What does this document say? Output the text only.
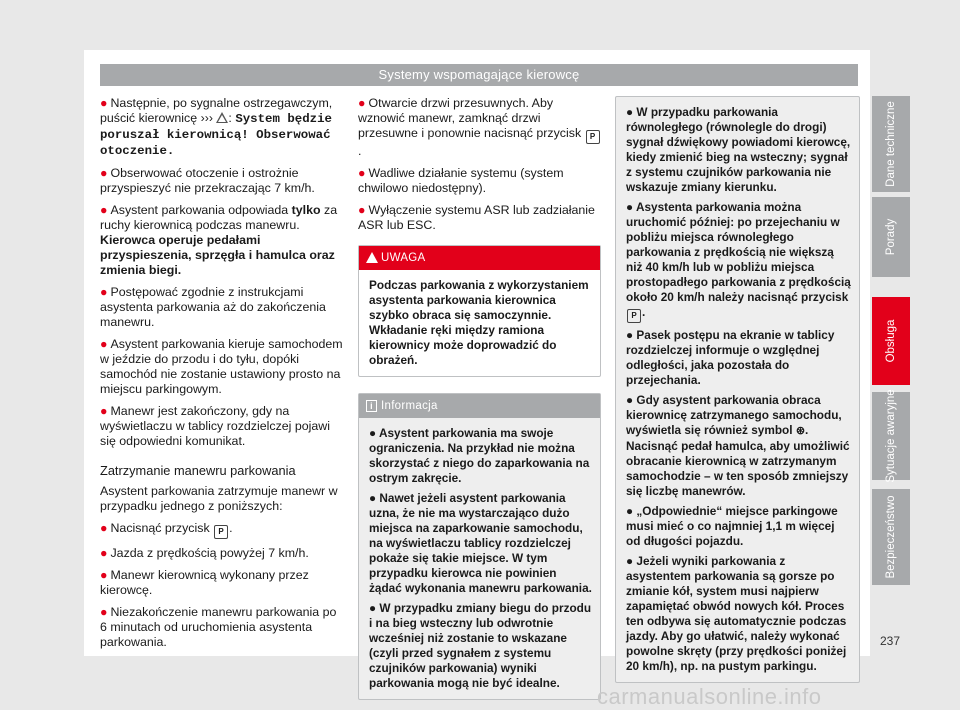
Systemy wspomagające kierowcę

● Następnie, po sygnalne ostrzegawczym, puścić kierownicę ››› : System będzie poruszał kierownicą! Obserwować otoczenie.

● Obserwować otoczenie i ostrożnie przyspieszyć nie przekraczając 7 km/h.

● Asystent parkowania odpowiada tylko za ruchy kierownicą podczas manewru. Kierowca operuje pedałami przyspieszenia, sprzęgła i hamulca oraz zmienia biegi.

● Postępować zgodnie z instrukcjami asystenta parkowania aż do zakończenia manewru.

● Asystent parkowania kieruje samochodem w jeździe do przodu i do tyłu, dopóki samochód nie zostanie ustawiony prosto na miejscu parkingowym.

● Manewr jest zakończony, gdy na wyświetlaczu w tablicy rozdzielczej pojawi się odpowiedni komunikat.

Zatrzymanie manewru parkowania

Asystent parkowania zatrzymuje manewr w przypadku jednego z poniższych:

● Nacisnąć przycisk P .

● Jazda z prędkością powyżej 7 km/h.

● Manewr kierownicą wykonany przez kierowcę.

● Niezakończenie manewru parkowania po 6 minutach od uruchomienia asystenta parkowania.

● Otwarcie drzwi przesuwnych. Aby wznowić manewr, zamknąć drzwi przesuwne i ponownie nacisnąć przycisk P.

● Wadliwe działanie systemu (system chwilowo niedostępny).

● Wyłączenie systemu ASR lub zadziałanie ASR lub ESC.

UWAGA
Podczas parkowania z wykorzystaniem asystenta parkowania kierownica szybko obraca się samoczynnie. Wkładanie ręki między ramiona kierownicy może doprowadzić do obrażeń.
i Informacja

● Asystent parkowania ma swoje ograniczenia. Na przykład nie można skorzystać z niego do zaparkowania na ostrym zakręcie.

● Nawet jeżeli asystent parkowania uzna, że nie ma wystarczająco dużo miejsca na zaparkowanie samochodu, na wyświetlaczu tablicy rozdzielczej pokaże się takie miejsce. W tym przypadku kierowca nie powinien żądać wykonania manewru parkowania.

● W przypadku zmiany biegu do przodu i na bieg wsteczny lub odwrotnie wcześniej niż zostanie to wskazane (czyli przed sygnałem z systemu czujników parkowania) wyniki parkowania mogą nie być idealne.

● W przypadku parkowania równoległego (równolegle do drogi) sygnał dźwiękowy powiadomi kierowcę, kiedy zmienić bieg na wsteczny; sygnał z systemu czujników parkowania nie wskazuje zmiany kierunku.

● Asystenta parkowania można uruchomić później: po przejechaniu w pobliżu miejsca równoległego parkowania z prędkością nie większą niż 40 km/h lub w pobliżu miejsca prostopadłego parkowania z prędkością około 20 km/h należy nacisnąć przycisk P .

● Pasek postępu na ekranie w tablicy rozdzielczej informuje o względnej odległości, jaka pozostała do przejechania.

● Gdy asystent parkowania obraca kierownicę zatrzymanego samochodu, wyświetla się również symbol ⊛. Nacisnąć pedał hamulca, aby umożliwić obracanie kierownicą w zatrzymanym samochodzie – w ten sposób zmniejszy się liczbę manewrów.

● „Odpowiednie“ miejsce parkingowe musi mieć o co najmniej 1,1 m więcej od długości pojazdu.

● Jeżeli wyniki parkowania z asystentem parkowania są gorsze po zmianie kół, system musi najpierw zapamiętać obwód nowych kół. Proces ten odbywa się automatycznie podczas jazdy. Aby go ułatwić, należy wykonać powolne skręty (przy prędkości poniżej 20 km/h), np. na pustym parkingu.

Dane techniczne
Porady
Obsługa
Sytuacje awaryjne
Bezpieczeństwo
237
carmanualsonline.info
